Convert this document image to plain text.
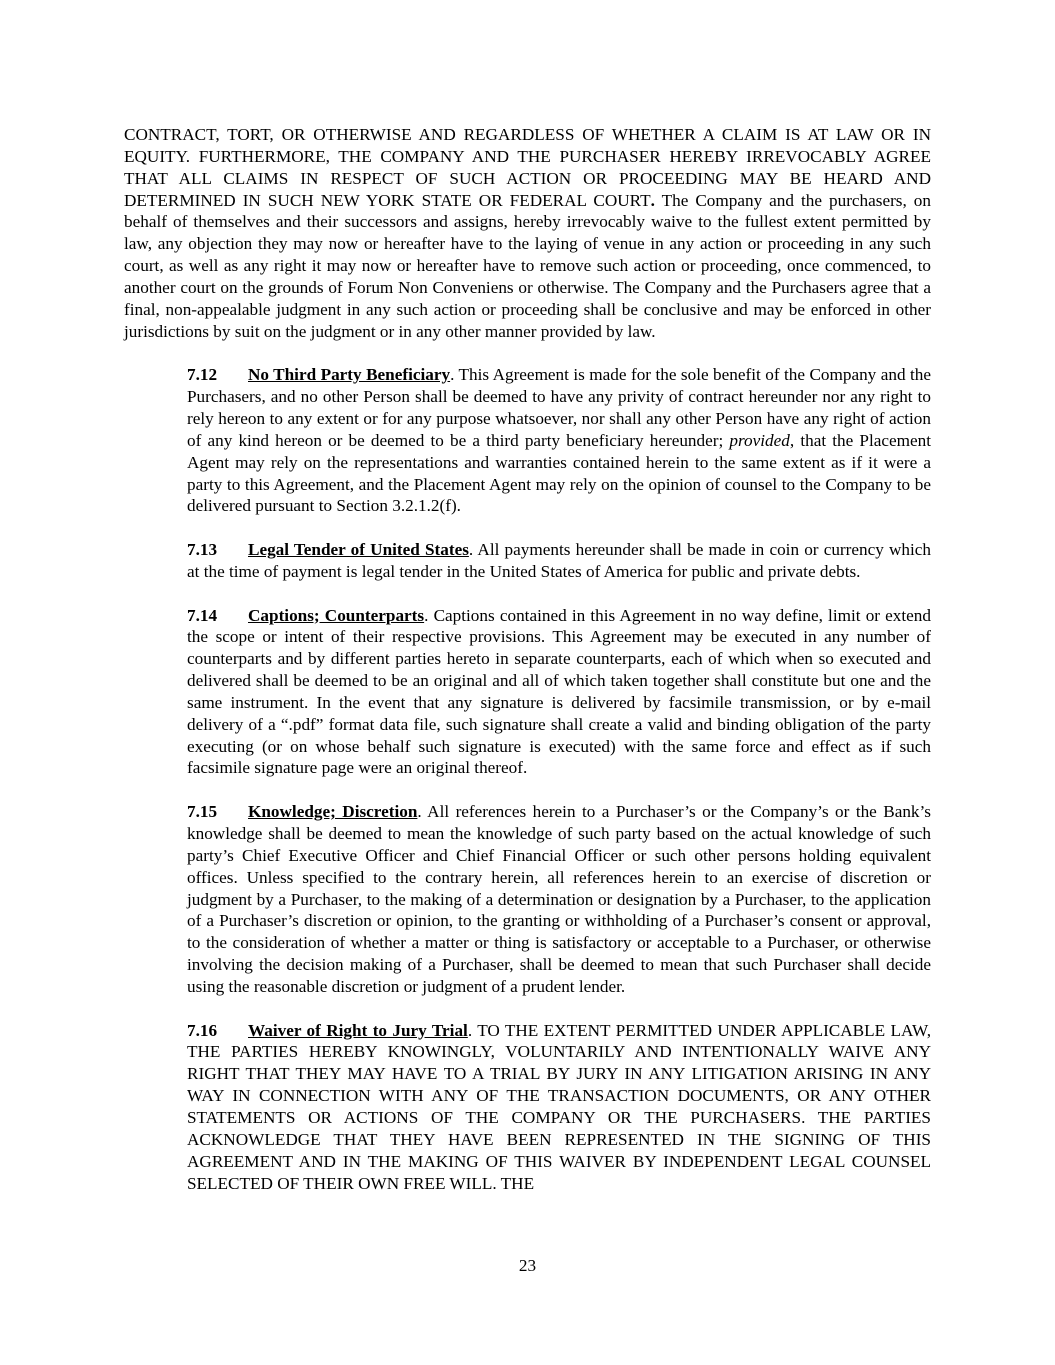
CONTRACT, TORT, OR OTHERWISE AND REGARDLESS OF WHETHER A CLAIM IS AT LAW OR IN EQUITY. FURTHERMORE, THE COMPANY AND THE PURCHASER HEREBY IRREVOCABLY AGREE THAT ALL CLAIMS IN RESPECT OF SUCH ACTION OR PROCEEDING MAY BE HEARD AND DETERMINED IN SUCH NEW YORK STATE OR FEDERAL COURT. The Company and the purchasers, on behalf of themselves and their successors and assigns, hereby irrevocably waive to the fullest extent permitted by law, any objection they may now or hereafter have to the laying of venue in any action or proceeding in any such court, as well as any right it may now or hereafter have to remove such action or proceeding, once commenced, to another court on the grounds of Forum Non Conveniens or otherwise. The Company and the Purchasers agree that a final, non-appealable judgment in any such action or proceeding shall be conclusive and may be enforced in other jurisdictions by suit on the judgment or in any other manner provided by law.

7.12 No Third Party Beneficiary. This Agreement is made for the sole benefit of the Company and the Purchasers, and no other Person shall be deemed to have any privity of contract hereunder nor any right to rely hereon to any extent or for any purpose whatsoever, nor shall any other Person have any right of action of any kind hereon or be deemed to be a third party beneficiary hereunder; provided, that the Placement Agent may rely on the representations and warranties contained herein to the same extent as if it were a party to this Agreement, and the Placement Agent may rely on the opinion of counsel to the Company to be delivered pursuant to Section 3.2.1.2(f).

7.13 Legal Tender of United States. All payments hereunder shall be made in coin or currency which at the time of payment is legal tender in the United States of America for public and private debts.

7.14 Captions; Counterparts. Captions contained in this Agreement in no way define, limit or extend the scope or intent of their respective provisions. This Agreement may be executed in any number of counterparts and by different parties hereto in separate counterparts, each of which when so executed and delivered shall be deemed to be an original and all of which taken together shall constitute but one and the same instrument. In the event that any signature is delivered by facsimile transmission, or by e-mail delivery of a “.pdf” format data file, such signature shall create a valid and binding obligation of the party executing (or on whose behalf such signature is executed) with the same force and effect as if such facsimile signature page were an original thereof.

7.15 Knowledge; Discretion. All references herein to a Purchaser’s or the Company’s or the Bank’s knowledge shall be deemed to mean the knowledge of such party based on the actual knowledge of such party’s Chief Executive Officer and Chief Financial Officer or such other persons holding equivalent offices. Unless specified to the contrary herein, all references herein to an exercise of discretion or judgment by a Purchaser, to the making of a determination or designation by a Purchaser, to the application of a Purchaser’s discretion or opinion, to the granting or withholding of a Purchaser’s consent or approval, to the consideration of whether a matter or thing is satisfactory or acceptable to a Purchaser, or otherwise involving the decision making of a Purchaser, shall be deemed to mean that such Purchaser shall decide using the reasonable discretion or judgment of a prudent lender.

7.16 Waiver of Right to Jury Trial. TO THE EXTENT PERMITTED UNDER APPLICABLE LAW, THE PARTIES HEREBY KNOWINGLY, VOLUNTARILY AND INTENTIONALLY WAIVE ANY RIGHT THAT THEY MAY HAVE TO A TRIAL BY JURY IN ANY LITIGATION ARISING IN ANY WAY IN CONNECTION WITH ANY OF THE TRANSACTION DOCUMENTS, OR ANY OTHER STATEMENTS OR ACTIONS OF THE COMPANY OR THE PURCHASERS. THE PARTIES ACKNOWLEDGE THAT THEY HAVE BEEN REPRESENTED IN THE SIGNING OF THIS AGREEMENT AND IN THE MAKING OF THIS WAIVER BY INDEPENDENT LEGAL COUNSEL SELECTED OF THEIR OWN FREE WILL. THE

23
